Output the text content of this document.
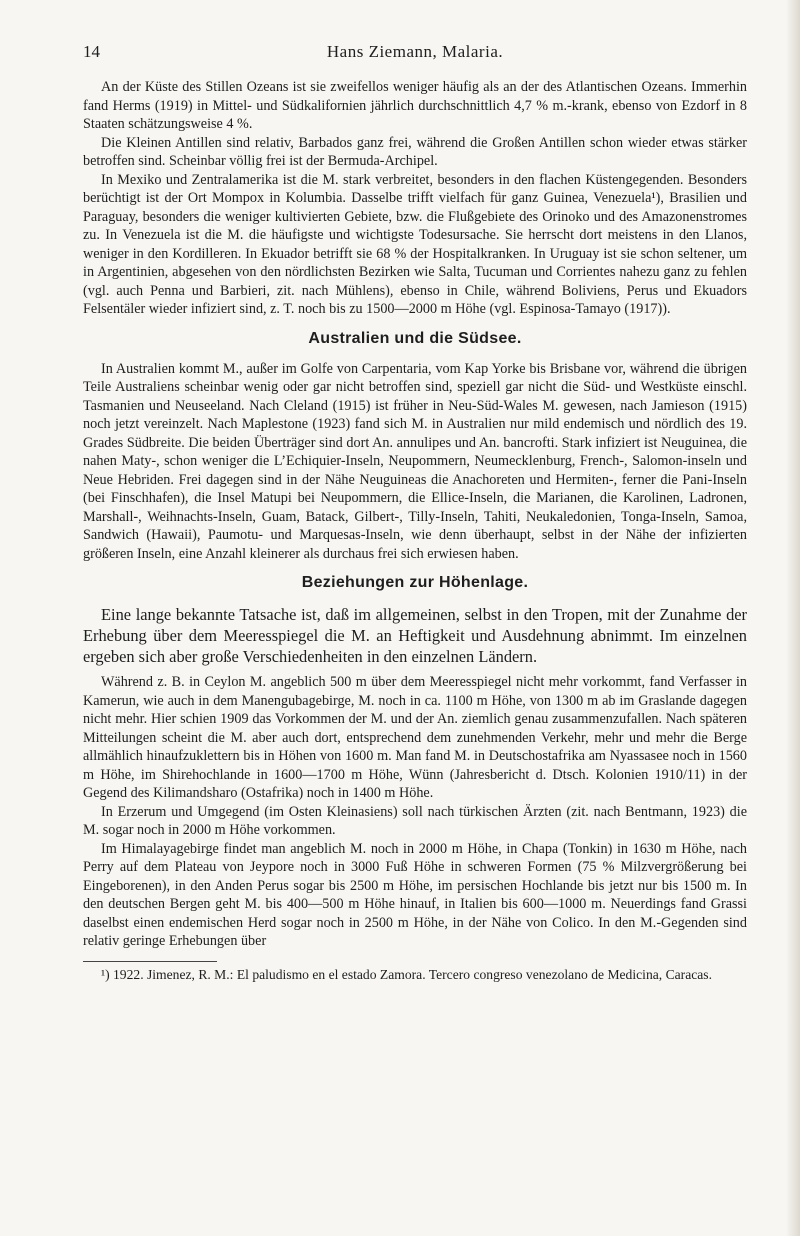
14	Hans Ziemann, Malaria.

An der Küste des Stillen Ozeans ist sie zweifellos weniger häufig als an der des Atlantischen Ozeans. Immerhin fand Herms (1919) in Mittel- und Südkalifornien jährlich durchschnittlich 4,7 % m.-krank, ebenso von Ezdorf in 8 Staaten schätzungsweise 4 %.

Die Kleinen Antillen sind relativ, Barbados ganz frei, während die Großen Antillen schon wieder etwas stärker betroffen sind. Scheinbar völlig frei ist der Bermuda-Archipel.

In Mexiko und Zentralamerika ist die M. stark verbreitet, besonders in den flachen Küstengegenden. Besonders berüchtigt ist der Ort Mompox in Kolumbia. Dasselbe trifft vielfach für ganz Guinea, Venezuela¹), Brasilien und Paraguay, besonders die weniger kultivierten Gebiete, bzw. die Flußgebiete des Orinoko und des Amazonenstromes zu. In Venezuela ist die M. die häufigste und wichtigste Todesursache. Sie herrscht dort meistens in den Llanos, weniger in den Kordilleren. In Ekuador betrifft sie 68 % der Hospitalkranken. In Uruguay ist sie schon seltener, um in Argentinien, abgesehen von den nördlichsten Bezirken wie Salta, Tucuman und Corrientes nahezu ganz zu fehlen (vgl. auch Penna und Barbieri, zit. nach Mühlens), ebenso in Chile, während Boliviens, Perus und Ekuadors Felsentäler wieder infiziert sind, z. T. noch bis zu 1500—2000 m Höhe (vgl. Espinosa-Tamayo (1917)).

Australien und die Südsee.

In Australien kommt M., außer im Golfe von Carpentaria, vom Kap Yorke bis Brisbane vor, während die übrigen Teile Australiens scheinbar wenig oder gar nicht betroffen sind, speziell gar nicht die Süd- und Westküste einschl. Tasmanien und Neuseeland. Nach Cleland (1915) ist früher in Neu-Süd-Wales M. gewesen, nach Jamieson (1915) noch jetzt vereinzelt. Nach Maplestone (1923) fand sich M. in Australien nur mild endemisch und nördlich des 19. Grades Südbreite. Die beiden Überträger sind dort An. annulipes und An. bancrofti. Stark infiziert ist Neuguinea, die nahen Maty-, schon weniger die L’Echiquier-Inseln, Neupommern, Neumecklenburg, French-, Salomon-inseln und Neue Hebriden. Frei dagegen sind in der Nähe Neuguineas die Anachoreten und Hermiten-, ferner die Pani-Inseln (bei Finschhafen), die Insel Matupi bei Neupommern, die Ellice-Inseln, die Marianen, die Karolinen, Ladronen, Marshall-, Weihnachts-Inseln, Guam, Batack, Gilbert-, Tilly-Inseln, Tahiti, Neukaledonien, Tonga-Inseln, Samoa, Sandwich (Hawaii), Paumotu- und Marquesas-Inseln, wie denn überhaupt, selbst in der Nähe der infizierten größeren Inseln, eine Anzahl kleinerer als durchaus frei sich erwiesen haben.

Beziehungen zur Höhenlage.

Eine lange bekannte Tatsache ist, daß im allgemeinen, selbst in den Tropen, mit der Zunahme der Erhebung über dem Meeresspiegel die M. an Heftigkeit und Ausdehnung abnimmt. Im einzelnen ergeben sich aber große Verschiedenheiten in den einzelnen Ländern.

Während z. B. in Ceylon M. angeblich 500 m über dem Meeresspiegel nicht mehr vorkommt, fand Verfasser in Kamerun, wie auch in dem Manengubagebirge, M. noch in ca. 1100 m Höhe, von 1300 m ab im Graslande dagegen nicht mehr. Hier schien 1909 das Vorkommen der M. und der An. ziemlich genau zusammenzufallen. Nach späteren Mitteilungen scheint die M. aber auch dort, entsprechend dem zunehmenden Verkehr, mehr und mehr die Berge allmählich hinaufzuklettern bis in Höhen von 1600 m. Man fand M. in Deutschostafrika am Nyassasee noch in 1560 m Höhe, im Shirehochlande in 1600—1700 m Höhe, Wünn (Jahresbericht d. Dtsch. Kolonien 1910/11) in der Gegend des Kilimandsharo (Ostafrika) noch in 1400 m Höhe.

In Erzerum und Umgegend (im Osten Kleinasiens) soll nach türkischen Ärzten (zit. nach Bentmann, 1923) die M. sogar noch in 2000 m Höhe vorkommen.

Im Himalayagebirge findet man angeblich M. noch in 2000 m Höhe, in Chapa (Tonkin) in 1630 m Höhe, nach Perry auf dem Plateau von Jeypore noch in 3000 Fuß Höhe in schweren Formen (75 % Milzvergrößerung bei Eingeborenen), in den Anden Perus sogar bis 2500 m Höhe, im persischen Hochlande bis jetzt nur bis 1500 m. In den deutschen Bergen geht M. bis 400—500 m Höhe hinauf, in Italien bis 600—1000 m. Neuerdings fand Grassi daselbst einen endemischen Herd sogar noch in 2500 m Höhe, in der Nähe von Colico. In den M.-Gegenden sind relativ geringe Erhebungen über

¹) 1922. Jimenez, R. M.: El paludismo en el estado Zamora. Tercero congreso venezolano de Medicina, Caracas.
